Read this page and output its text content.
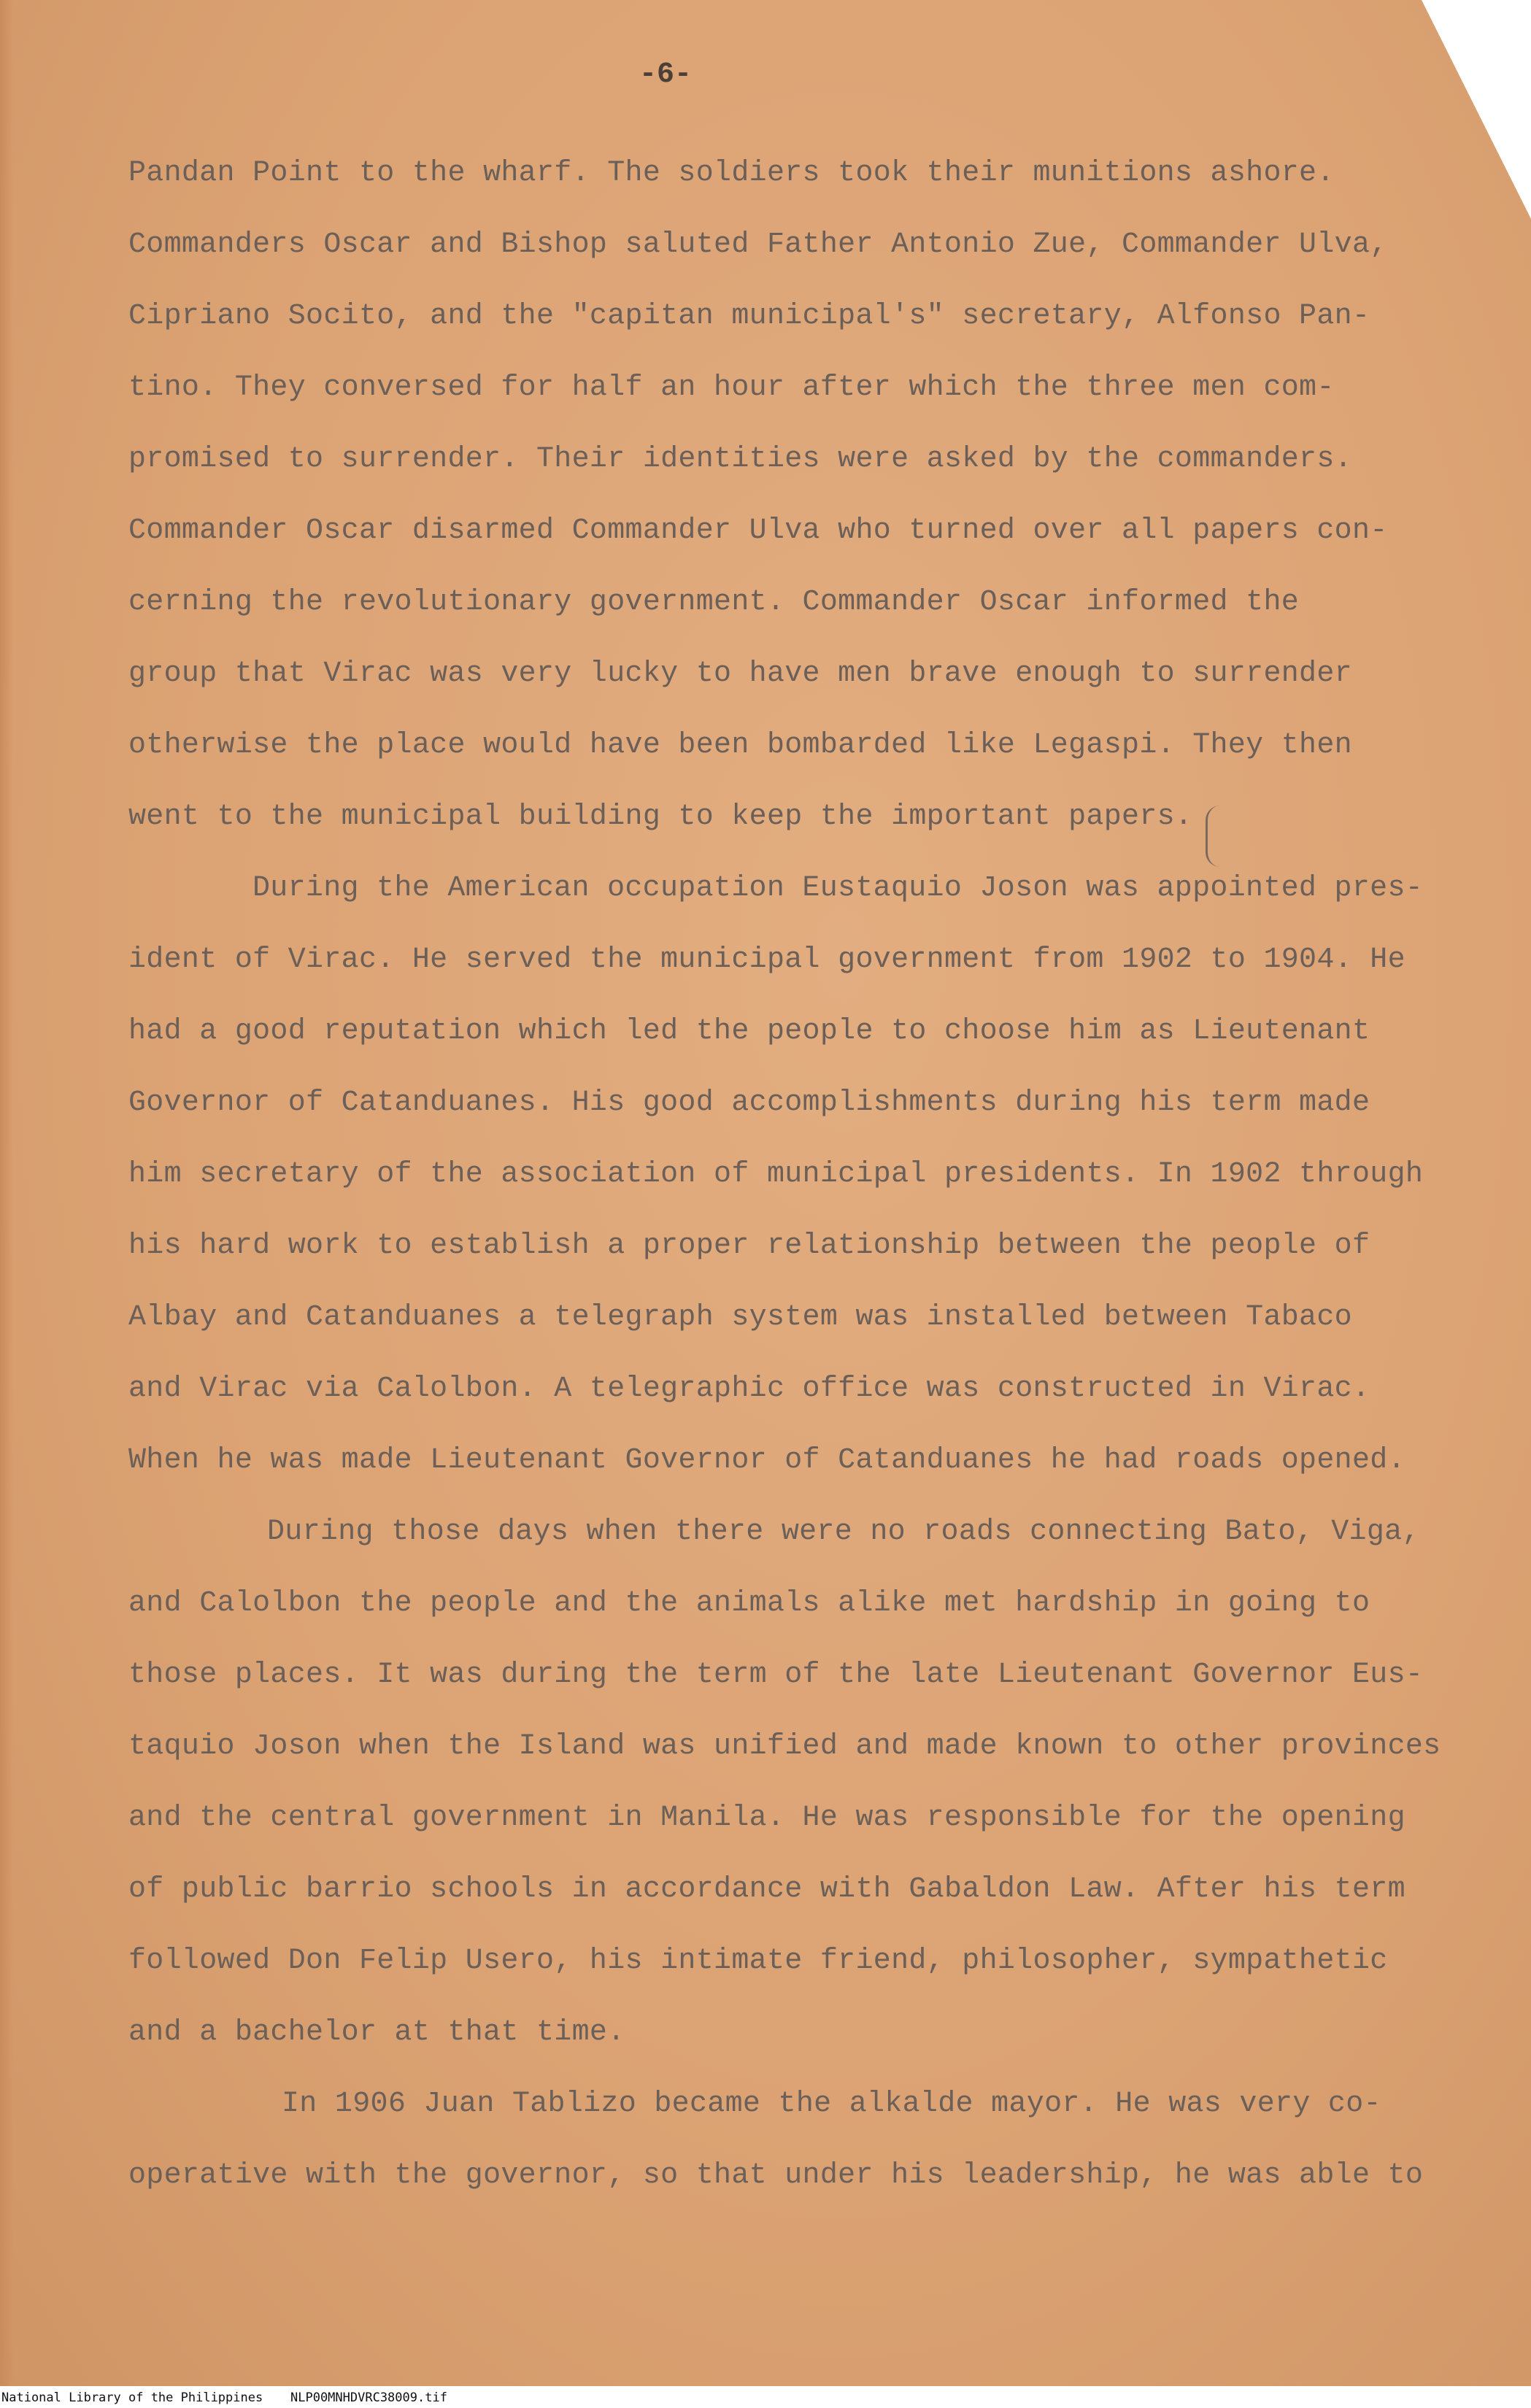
-6-

Pandan Point to the wharf. The soldiers took their munitions ashore.

Commanders Oscar and Bishop saluted Father Antonio Zue, Commander Ulva,

Cipriano Socito, and the "capitan municipal's" secretary, Alfonso Pan-

tino. They conversed for half an hour after which the three men com-

promised to surrender. Their identities were asked by the commanders.

Commander Oscar disarmed Commander Ulva who turned over all papers con-

cerning the revolutionary government. Commander Oscar informed the

group that Virac was very lucky to have men brave enough to surrender

otherwise the place would have been bombarded like Legaspi. They then

went to the municipal building to keep the important papers.

During the American occupation Eustaquio Joson was appointed pres-

ident of Virac. He served the municipal government from 1902 to 1904. He

had a good reputation which led the people to choose him as Lieutenant

Governor of Catanduanes. His good accomplishments during his term made

him secretary of the association of municipal presidents. In 1902 through

his hard work to establish a proper relationship between the people of

Albay and Catanduanes a telegraph system was installed between Tabaco

and Virac via Calolbon. A telegraphic office was constructed in Virac.

When he was made Lieutenant Governor of Catanduanes he had roads opened.

During those days when there were no roads connecting Bato, Viga,

and Calolbon the people and the animals alike met hardship in going to

those places. It was during the term of the late Lieutenant Governor Eus-

taquio Joson when the Island was unified and made known to other provinces

and the central government in Manila. He was responsible for the opening

of public barrio schools in accordance with Gabaldon Law. After his term

followed Don Felip Usero, his intimate friend, philosopher, sympathetic

and a bachelor at that time.

In 1906 Juan Tablizo became the alkalde mayor. He was very co-

operative with the governor, so that under his leadership, he was able to

National Library of the Philippines NLP00MNHDVRC38009.tif
